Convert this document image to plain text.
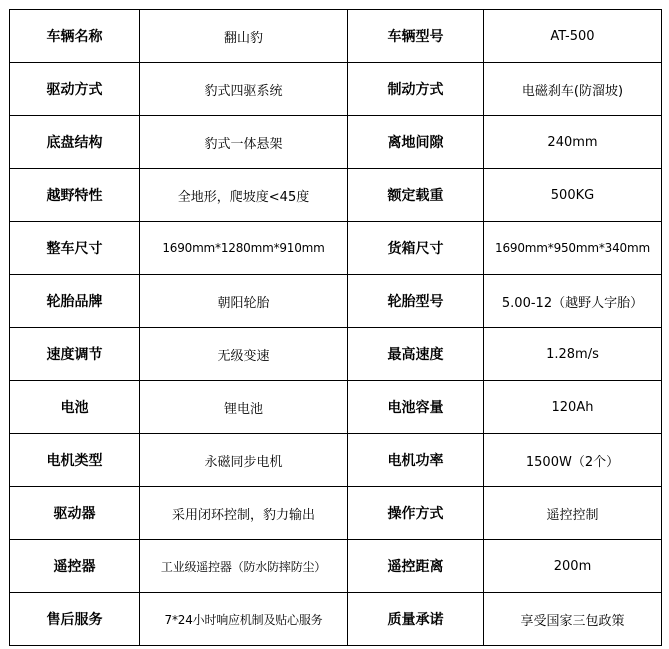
车辆名称	翻山豹	车辆型号	AT-500
驱动方式	豹式四驱系统	制动方式	电磁刹车(防溜坡)
底盘结构	豹式一体悬架	离地间隙	240mm
越野特性	全地形，爬坡度<45度	额定载重	500KG
整车尺寸	1690mm*1280mm*910mm	货箱尺寸	1690mm*950mm*340mm
轮胎品牌	朝阳轮胎	轮胎型号	5.00-12（越野人字胎）
速度调节	无级变速	最高速度	1.28m/s
电池	锂电池	电池容量	120Ah
电机类型	永磁同步电机	电机功率	1500W（2个）
驱动器	采用闭环控制，豹力输出	操作方式	遥控控制
遥控器	工业级遥控器（防水防摔防尘）	遥控距离	200m
售后服务	7*24小时响应机制及贴心服务	质量承诺	享受国家三包政策
